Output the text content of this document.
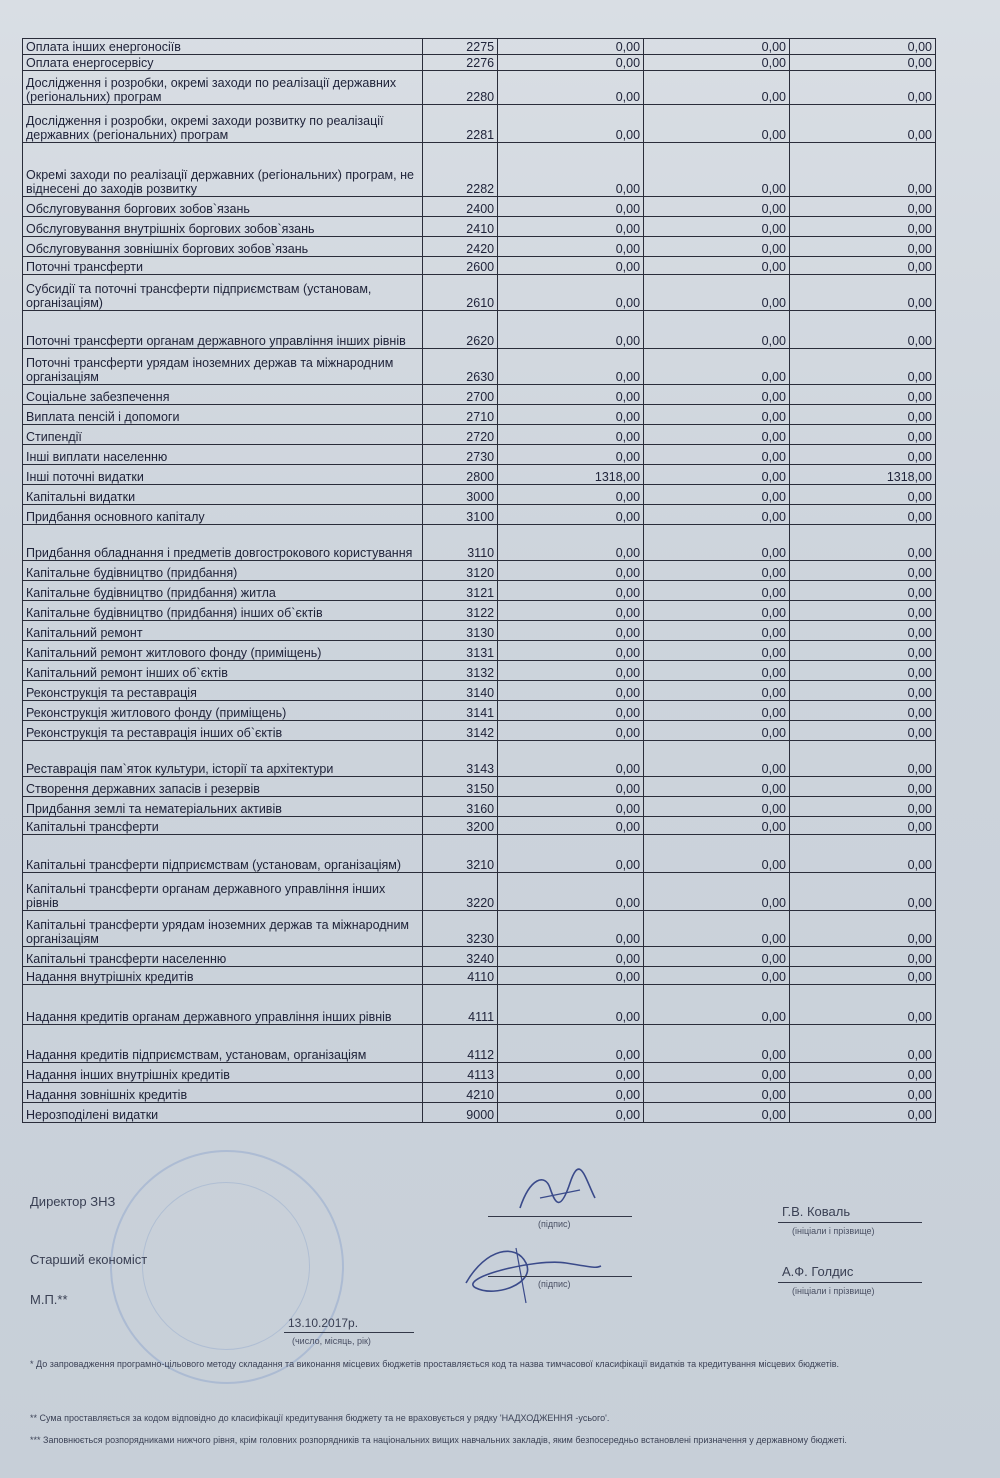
Оплата інших енергоносіїв	2275	0,00	0,00	0,00
Оплата енергосервісу	2276	0,00	0,00	0,00
Дослідження і розробки, окремі заходи по реалізації державних (регіональних) програм	2280	0,00	0,00	0,00
Дослідження і розробки, окремі заходи розвитку по реалізації державних (регіональних) програм	2281	0,00	0,00	0,00
Окремі заходи по реалізації державних (регіональних) програм, не віднесені до заходів розвитку	2282	0,00	0,00	0,00
Обслуговування боргових зобов`язань	2400	0,00	0,00	0,00
Обслуговування внутрішніх боргових зобов`язань	2410	0,00	0,00	0,00
Обслуговування зовнішніх боргових зобов`язань	2420	0,00	0,00	0,00
Поточні трансферти	2600	0,00	0,00	0,00
Субсидії та поточні трансферти підприємствам (установам, організаціям)	2610	0,00	0,00	0,00
Поточні трансферти органам державного управління інших рівнів	2620	0,00	0,00	0,00
Поточні трансферти урядам іноземних держав та міжнародним організаціям	2630	0,00	0,00	0,00
Соціальне забезпечення	2700	0,00	0,00	0,00
Виплата пенсій і допомоги	2710	0,00	0,00	0,00
Стипендії	2720	0,00	0,00	0,00
Інші виплати населенню	2730	0,00	0,00	0,00
Інші поточні видатки	2800	1318,00	0,00	1318,00
Капітальні видатки	3000	0,00	0,00	0,00
Придбання основного капіталу	3100	0,00	0,00	0,00
Придбання обладнання і предметів довгострокового користування	3110	0,00	0,00	0,00
Капітальне будівництво (придбання)	3120	0,00	0,00	0,00
Капітальне будівництво (придбання) житла	3121	0,00	0,00	0,00
Капітальне будівництво (придбання) інших об`єктів	3122	0,00	0,00	0,00
Капітальний ремонт	3130	0,00	0,00	0,00
Капітальний ремонт житлового фонду (приміщень)	3131	0,00	0,00	0,00
Капітальний ремонт інших об`єктів	3132	0,00	0,00	0,00
Реконструкція та реставрація	3140	0,00	0,00	0,00
Реконструкція житлового фонду (приміщень)	3141	0,00	0,00	0,00
Реконструкція та реставрація інших об`єктів	3142	0,00	0,00	0,00
Реставрація пам`яток культури, історії та архітектури	3143	0,00	0,00	0,00
Створення державних запасів і резервів	3150	0,00	0,00	0,00
Придбання землі та нематеріальних активів	3160	0,00	0,00	0,00
Капітальні трансферти	3200	0,00	0,00	0,00
Капітальні трансферти підприємствам (установам, організаціям)	3210	0,00	0,00	0,00
Капітальні трансферти органам державного управління інших рівнів	3220	0,00	0,00	0,00
Капітальні трансферти урядам іноземних держав та міжнародним організаціям	3230	0,00	0,00	0,00
Капітальні трансферти населенню	3240	0,00	0,00	0,00
Надання внутрішніх кредитів	4110	0,00	0,00	0,00
Надання кредитів органам державного управління інших рівнів	4111	0,00	0,00	0,00
Надання кредитів підприємствам, установам, організаціям	4112	0,00	0,00	0,00
Надання інших внутрішніх кредитів	4113	0,00	0,00	0,00
Надання зовнішніх кредитів	4210	0,00	0,00	0,00
Нерозподілені видатки	9000	0,00	0,00	0,00
Директор ЗНЗ
Старший економіст
М.П.**
(підпис)
(підпис)
Г.В. Коваль
(ініціали і прізвище)
А.Ф. Голдис
(ініціали і прізвище)
13.10.2017р.
(число, місяць, рік)
* До запровадження програмно-цільового методу складання та виконання місцевих бюджетів проставляється код та назва тимчасової класифікації видатків та кредитування місцевих бюджетів.
** Сума проставляється за кодом відповідно до класифікації кредитування бюджету та не враховується у рядку 'НАДХОДЖЕННЯ -усього'.
*** Заповнюється розпорядниками нижчого рівня, крім головних розпорядників та національних вищих навчальних закладів, яким безпосередньо встановлені призначення у державному бюджеті.
